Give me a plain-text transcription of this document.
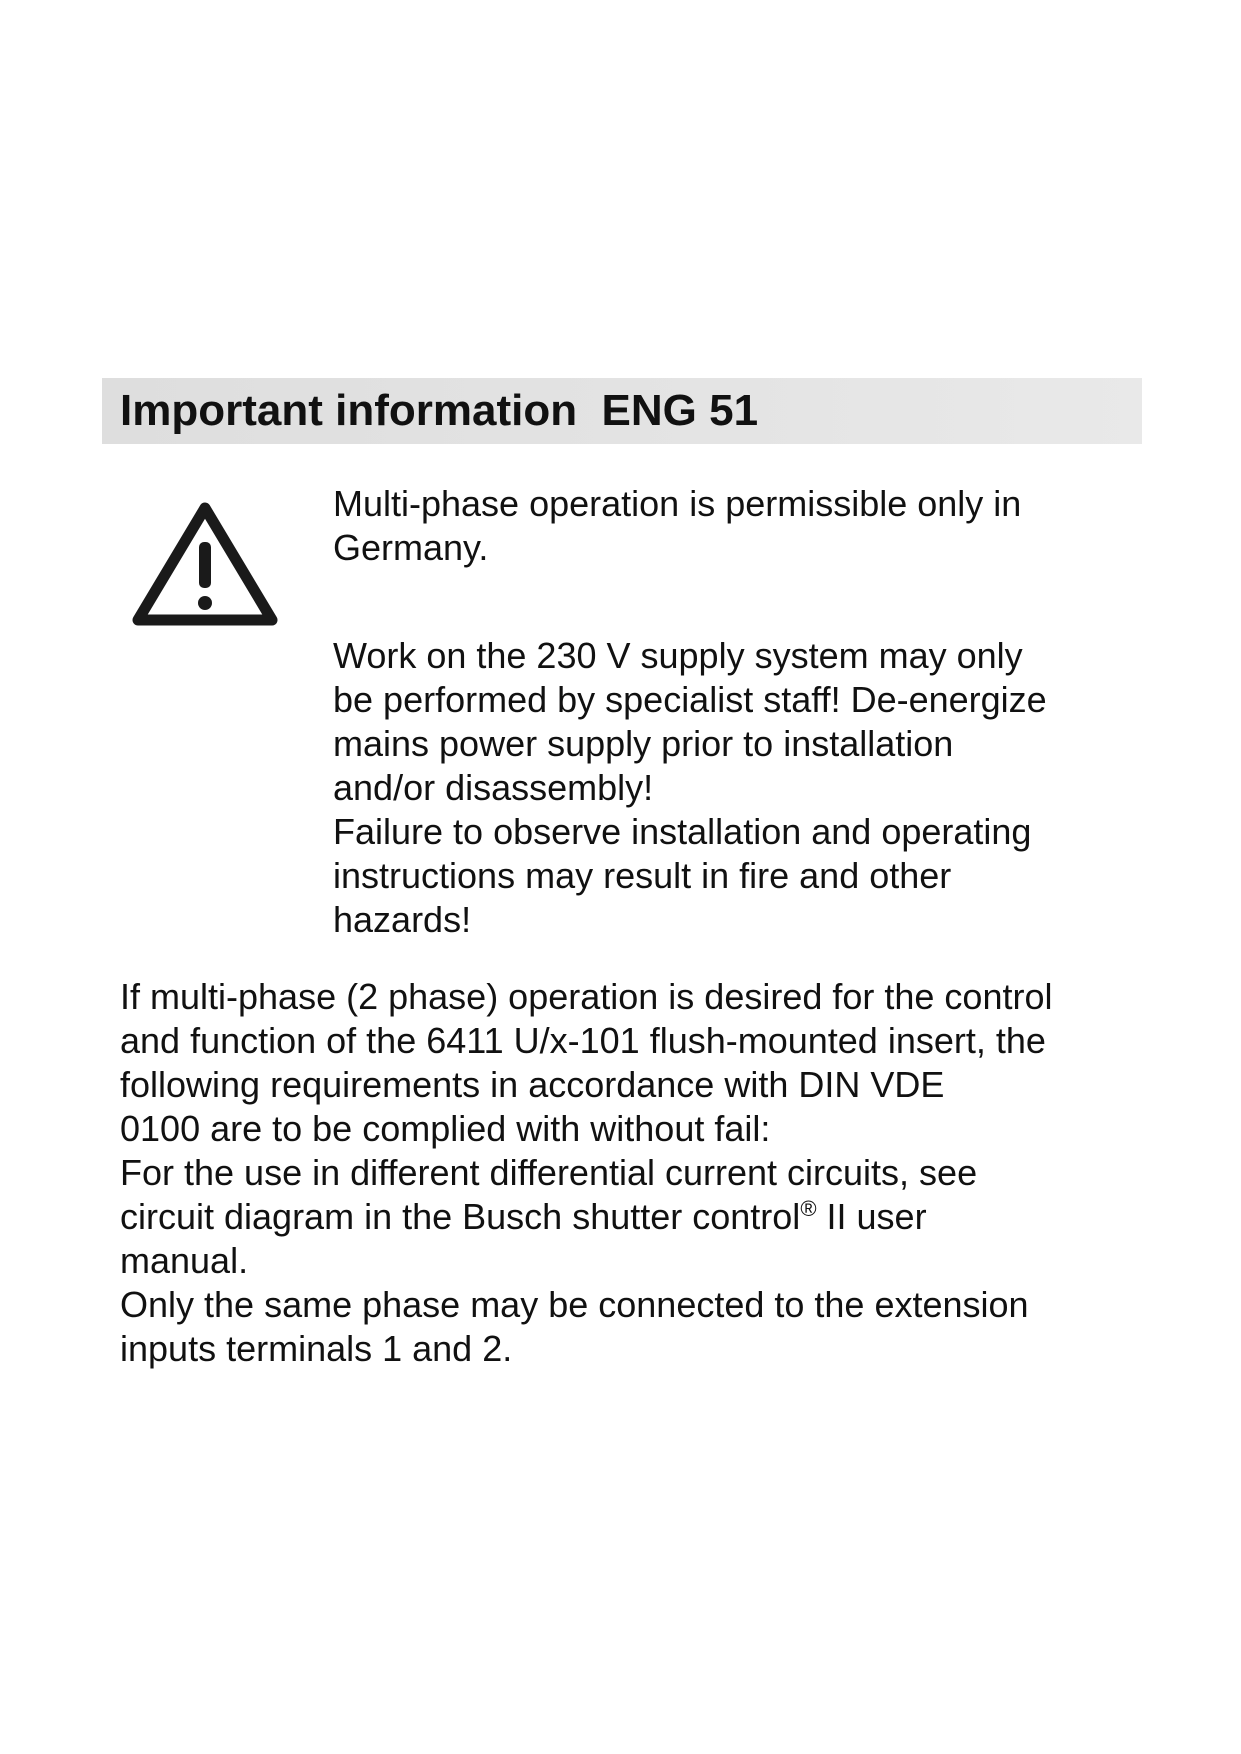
Important information  ENG 51

Multi-phase operation is permissible only in
Germany.

Work on the 230 V supply system may only
be performed by specialist staff! De-energize
mains power supply prior to installation
and/or disassembly!
Failure to observe installation and operating
instructions may result in fire and other
hazards!

If multi-phase (2 phase) operation is desired for the control
and function of the 6411 U/x-101 flush-mounted insert, the
following requirements in accordance with DIN VDE
0100 are to be complied with without fail:

For the use in different differential current circuits, see
circuit diagram in the Busch shutter control® II user
manual.

Only the same phase may be connected to the extension
inputs terminals 1 and 2.
